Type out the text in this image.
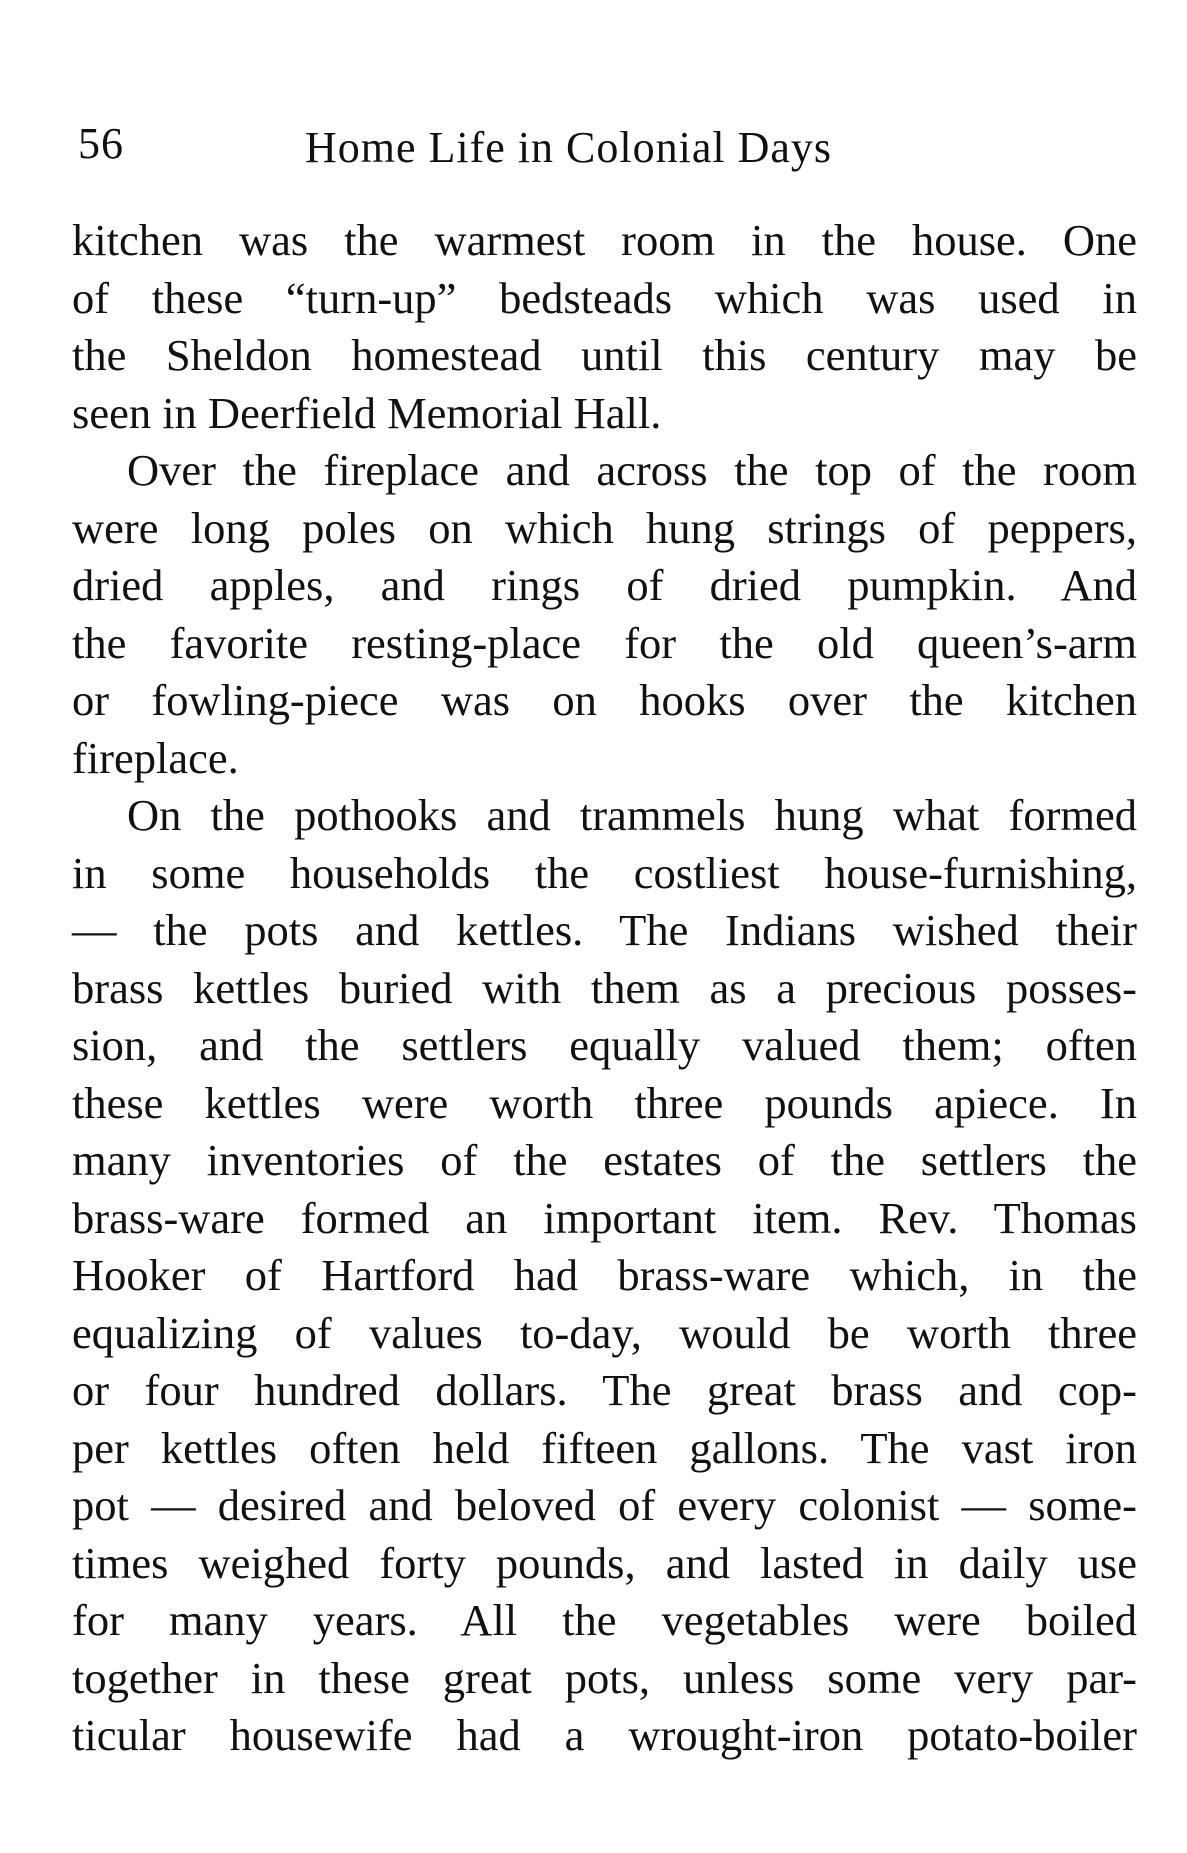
56	Home Life in Colonial Days
kitchen was the warmest room in the house. One
of these “turn-up” bedsteads which was used in
the Sheldon homestead until this century may be
seen in Deerfield Memorial Hall.
Over the fireplace and across the top of the room
were long poles on which hung strings of peppers,
dried apples, and rings of dried pumpkin. And
the favorite resting-place for the old queen’s-arm
or fowling-piece was on hooks over the kitchen
fireplace.
On the pothooks and trammels hung what formed
in some households the costliest house-furnishing,
— the pots and kettles. The Indians wished their
brass kettles buried with them as a precious posses-
sion, and the settlers equally valued them; often
these kettles were worth three pounds apiece. In
many inventories of the estates of the settlers the
brass-ware formed an important item. Rev. Thomas
Hooker of Hartford had brass-ware which, in the
equalizing of values to-day, would be worth three
or four hundred dollars. The great brass and cop-
per kettles often held fifteen gallons. The vast iron
pot — desired and beloved of every colonist — some-
times weighed forty pounds, and lasted in daily use
for many years. All the vegetables were boiled
together in these great pots, unless some very par-
ticular housewife had a wrought-iron potato-boiler
